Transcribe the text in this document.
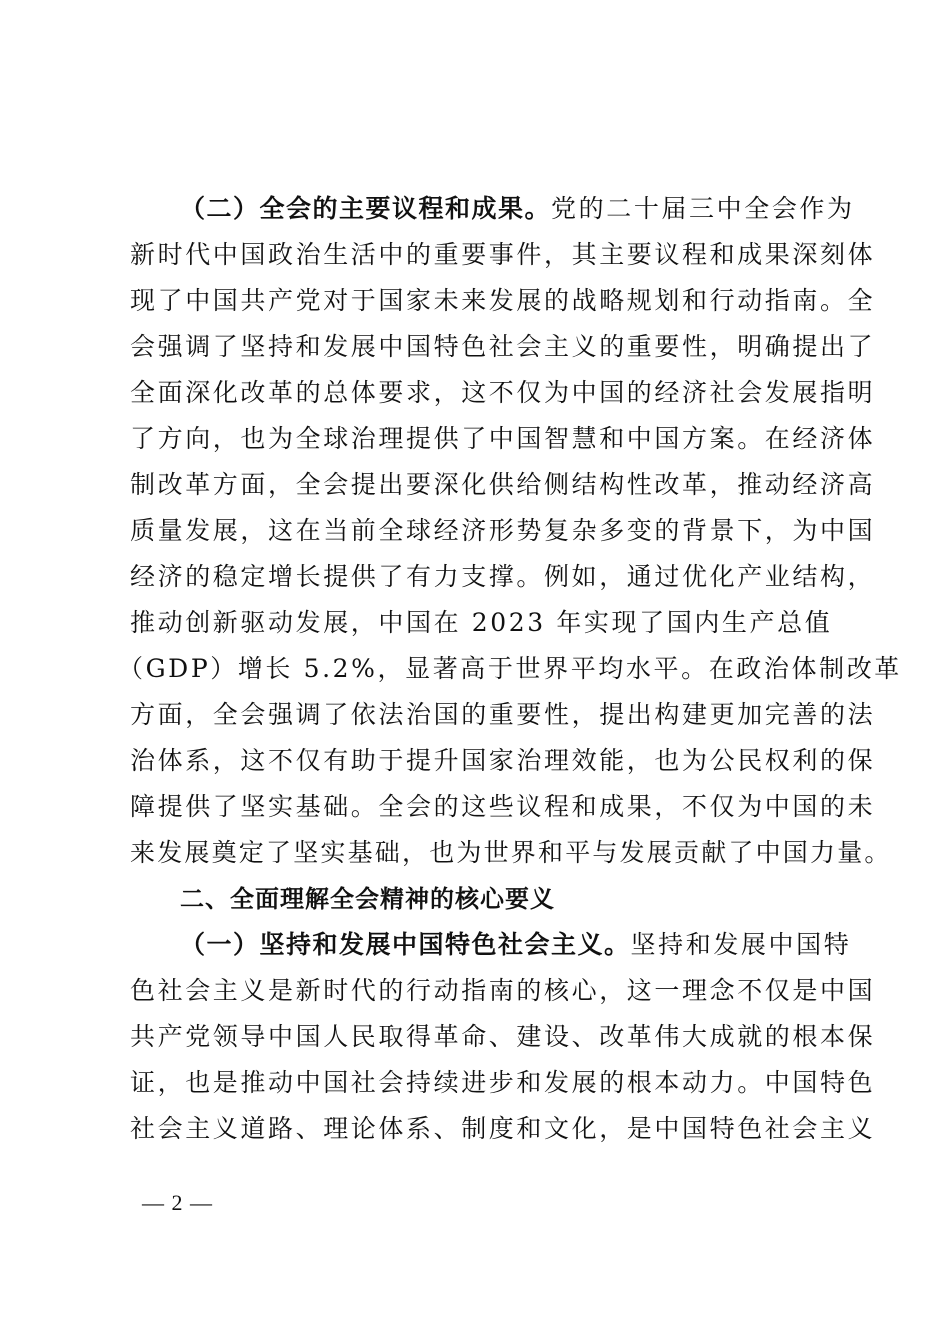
（二）全会的主要议程和成果。党的二十届三中全会作为
新时代中国政治生活中的重要事件，其主要议程和成果深刻体
现了中国共产党对于国家未来发展的战略规划和行动指南。全
会强调了坚持和发展中国特色社会主义的重要性，明确提出了
全面深化改革的总体要求，这不仅为中国的经济社会发展指明
了方向，也为全球治理提供了中国智慧和中国方案。在经济体
制改革方面，全会提出要深化供给侧结构性改革，推动经济高
质量发展，这在当前全球经济形势复杂多变的背景下，为中国
经济的稳定增长提供了有力支撑。例如，通过优化产业结构，
推动创新驱动发展，中国在 2023 年实现了国内生产总值
（GDP）增长 5.2%，显著高于世界平均水平。在政治体制改革
方面，全会强调了依法治国的重要性，提出构建更加完善的法
治体系，这不仅有助于提升国家治理效能，也为公民权利的保
障提供了坚实基础。全会的这些议程和成果，不仅为中国的未
来发展奠定了坚实基础，也为世界和平与发展贡献了中国力量。
二、全面理解全会精神的核心要义
（一）坚持和发展中国特色社会主义。坚持和发展中国特
色社会主义是新时代的行动指南的核心，这一理念不仅是中国
共产党领导中国人民取得革命、建设、改革伟大成就的根本保
证，也是推动中国社会持续进步和发展的根本动力。中国特色
社会主义道路、理论体系、制度和文化，是中国特色社会主义
— 2 —
